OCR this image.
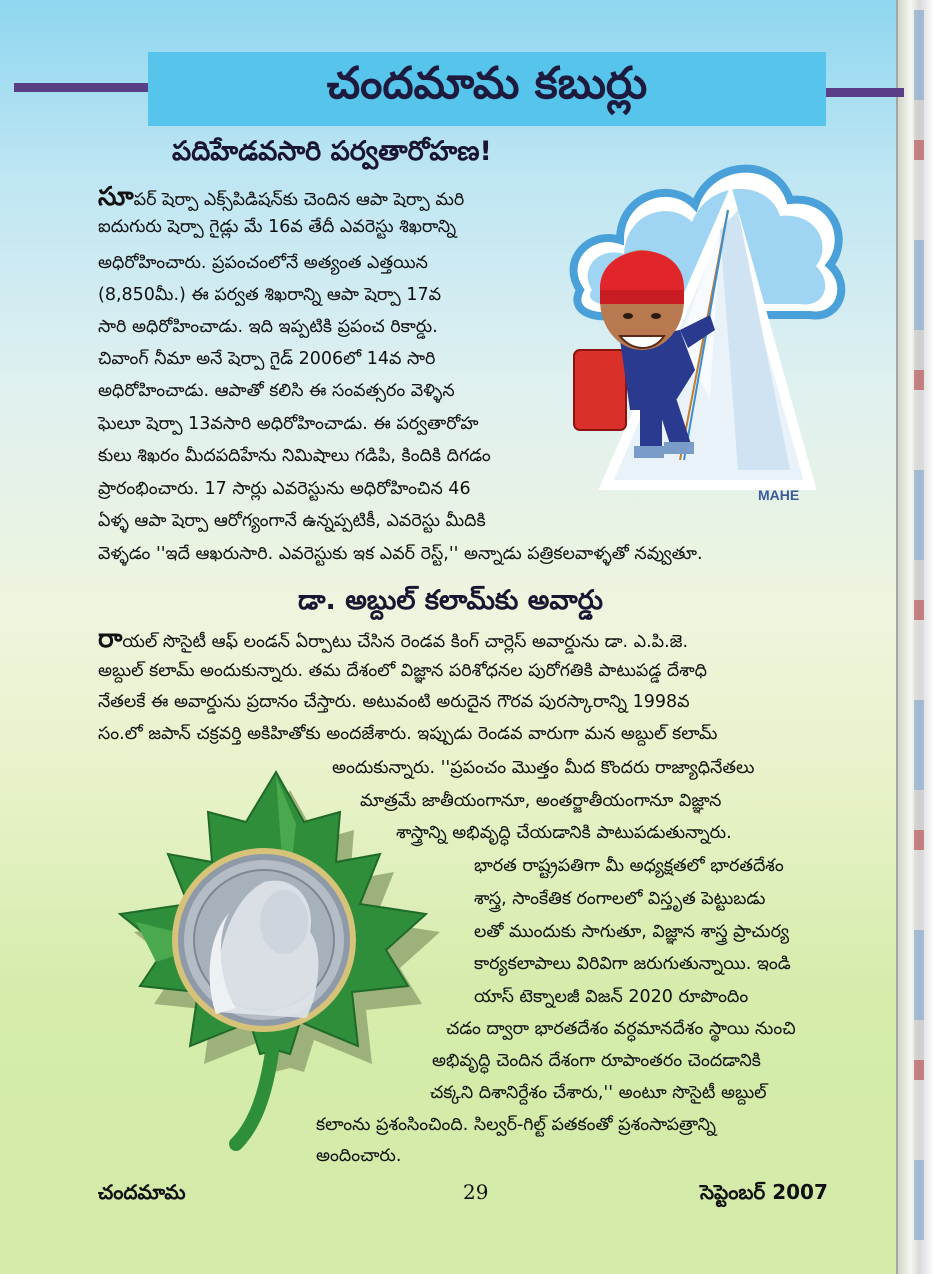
చందమామ కబుర్లు
పదిహేడవసారి పర్వతారోహణ!
సూపర్ షెర్పా ఎక్స్‌పిడిషన్‌కు చెందిన ఆపా షెర్పా మరి
ఐదుగురు షెర్పా గైడ్లు మే 16వ తేదీ ఎవరెస్టు శిఖరాన్ని
అధిరోహించారు. ప్రపంచంలోనే అత్యంత ఎత్తయిన
(8,850మీ.) ఈ పర్వత శిఖరాన్ని ఆపా షెర్పా 17వ
సారి అధిరోహించాడు. ఇది ఇప్పటికి ప్రపంచ రికార్డు.
చివాంగ్ నీమా అనే షెర్పా గైడ్ 2006లో 14వ సారి
అధిరోహించాడు. ఆపాతో కలిసి ఈ సంవత్సరం వెళ్ళిన
ఘెలూ షెర్పా 13వసారి అధిరోహించాడు. ఈ పర్వతారోహ
కులు శిఖరం మీదపదిహేను నిమిషాలు గడిపి, కిందికి దిగడం
ప్రారంభించారు. 17 సార్లు ఎవరెస్టును అధిరోహించిన 46
ఏళ్ళ ఆపా షెర్పా ఆరోగ్యంగానే ఉన్నప్పటికీ, ఎవరెస్టు మీదికి
వెళ్ళడం ''ఇదే ఆఖరుసారి. ఎవరెస్టుకు ఇక ఎవర్ రెస్ట్,'' అన్నాడు పత్రికలవాళ్ళతో నవ్వుతూ.
MAHE
డా. అబ్దుల్ కలామ్‌కు అవార్డు
రాయల్ సొసైటీ ఆఫ్ లండన్ ఏర్పాటు చేసిన రెండవ కింగ్ చార్లెస్ అవార్డును డా. ఎ.పి.జె.
అబ్దుల్ కలామ్ అందుకున్నారు. తమ దేశంలో విజ్ఞాన పరిశోధనల పురోగతికి పాటుపడ్డ దేశాధి
నేతలకే ఈ అవార్డును ప్రదానం చేస్తారు. అటువంటి అరుదైన గౌరవ పురస్కారాన్ని 1998వ
సం.లో జపాన్ చక్రవర్తి అకిహితోకు అందజేశారు. ఇప్పుడు రెండవ వారుగా మన అబ్దుల్ కలామ్
అందుకున్నారు. ''ప్రపంచం మొత్తం మీద కొందరు రాజ్యాధినేతలు
మాత్రమే జాతీయంగానూ, అంతర్జాతీయంగానూ విజ్ఞాన
శాస్త్రాన్ని అభివృద్ధి చేయడానికి పాటుపడుతున్నారు.
భారత రాష్ట్రపతిగా మీ అధ్యక్షతలో భారతదేశం
శాస్త్ర, సాంకేతిక రంగాలలో విస్తృత పెట్టుబడు
లతో ముందుకు సాగుతూ, విజ్ఞాన శాస్త్ర ప్రాచుర్య
కార్యకలాపాలు విరివిగా జరుగుతున్నాయి. ఇండి
యాస్ టెక్నాలజీ విజన్ 2020 రూపొందిం
చడం ద్వారా భారతదేశం వర్ధమానదేశం స్థాయి నుంచి
అభివృద్ధి చెందిన దేశంగా రూపాంతరం చెందడానికి
చక్కని దిశానిర్దేశం చేశారు,'' అంటూ సొసైటీ అబ్దుల్
కలాంను ప్రశంసించింది. సిల్వర్-గిల్ట్ పతకంతో ప్రశంసాపత్రాన్ని
అందించారు.
చందమామ	29	సెప్టెంబర్ 2007
